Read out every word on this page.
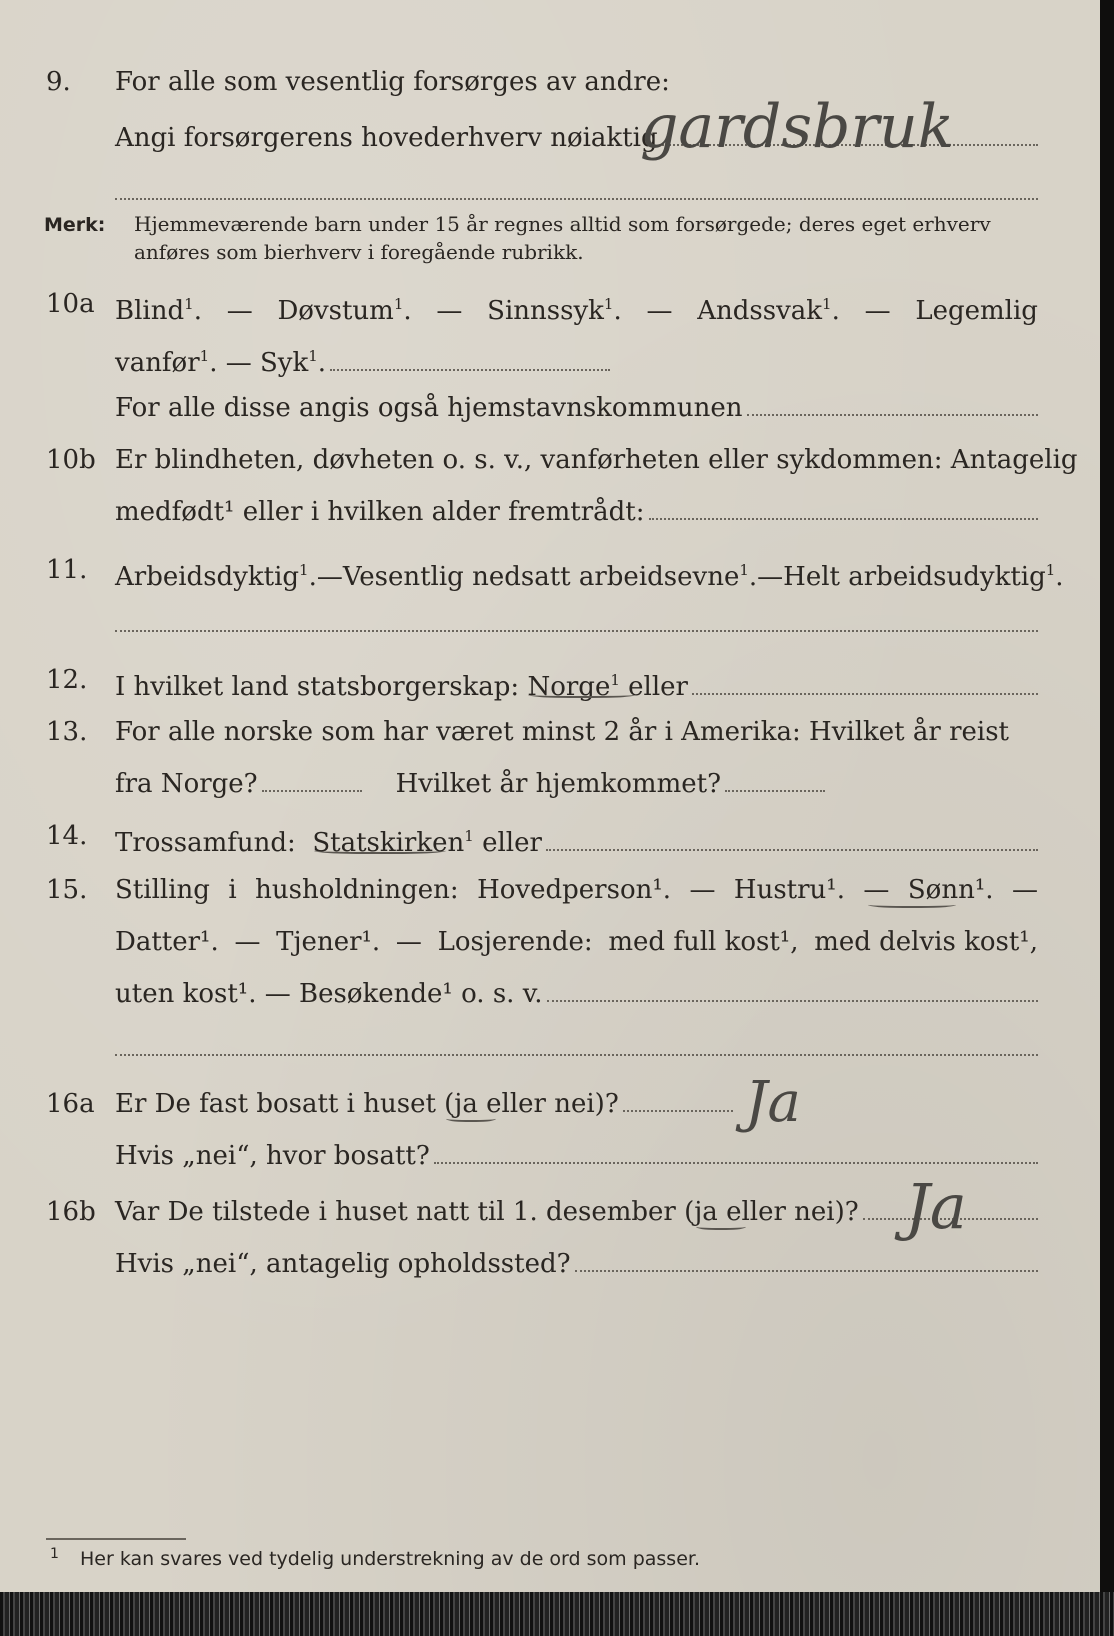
9. For alle som vesentlig forsørges av andre:
Angi forsørgerens hovederhverv nøiaktig
gardsbruk
Merk: Hjemmeværende barn under 15 år regnes alltid som forsørgede; deres eget erhverv
anføres som bierhverv i foregående rubrikk.
10a Blind$^1$. — Døvstum$^1$. — Sinnssyk$^1$. — Andssvak$^1$. — Legemlig
vanfør$^1$. — Syk$^1$.
For alle disse angis også hjemstavnskommunen
10b Er blindheten, døvheten o. s. v., vanførheten eller sykdommen: Antagelig
medfødt¹ eller i hvilken alder fremtrådt:
11. Arbeidsdyktig$^1$. — Vesentlig nedsatt arbeidsevne$^1$. — Helt arbeidsudyktig$^1$.
12. I hvilket land statsborgerskap:
Norge$^1$
eller
13. For alle norske som har været minst 2 år i Amerika: Hvilket år reist
fra Norge?	Hvilket år hjemkommet?
14. Trossamfund:
Statskirken$^1$
eller
15. Stilling i husholdningen: Hovedperson¹. — Hustru¹. — Sønn¹. —
Datter¹. — Tjener¹. — Losjerende: med full kost¹, med delvis kost¹,
uten kost¹. — Besøkende¹ o. s. v.
16a Er De fast bosatt i huset (ja eller nei)? Ja
Hvis „nei“, hvor bosatt?
16b Var De tilstede i huset natt til 1. desember (ja eller nei)? Ja
Hvis „nei“, antagelig opholdssted?
1 Her kan svares ved tydelig understrekning av de ord som passer.
